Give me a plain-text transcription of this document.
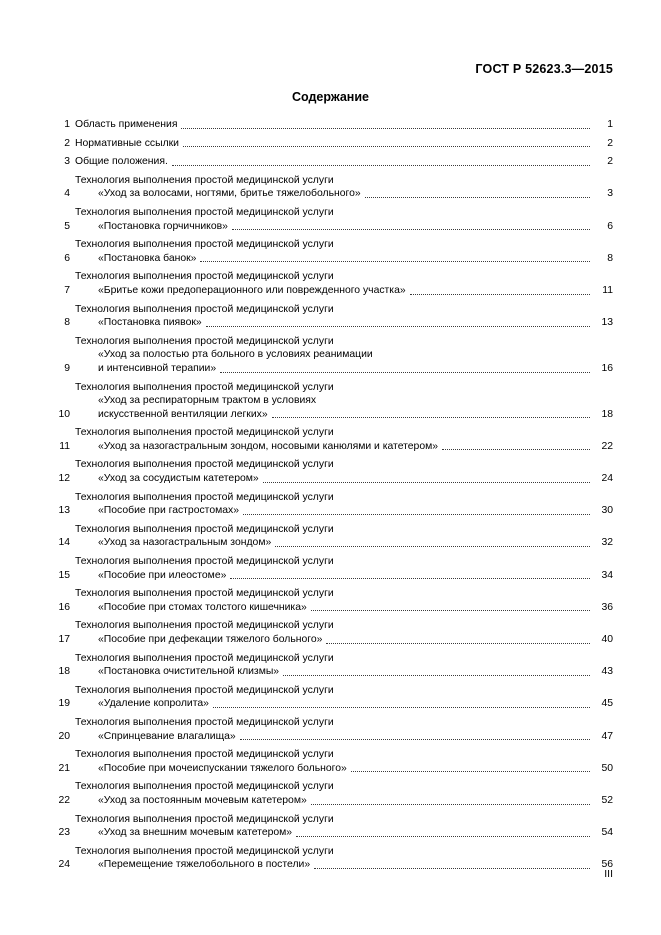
ГОСТ Р 52623.3—2015
Содержание
1 Область применения	1
2 Нормативные ссылки	2
3 Общие положения.	2
Технология выполнения простой медицинской услуги
4	«Уход за волосами, ногтями, бритье тяжелобольного»	3
Технология выполнения простой медицинской услуги
5	«Постановка горчичников»	6
Технология выполнения простой медицинской услуги
6	«Постановка банок»	8
Технология выполнения простой медицинской услуги
7	«Бритье кожи предоперационного или поврежденного участка»	11
Технология выполнения простой медицинской услуги
8	«Постановка пиявок»	13
Технология выполнения простой медицинской услуги
«Уход за полостью рта больного в условиях реанимации
9	и интенсивной терапии»	16
Технология выполнения простой медицинской услуги
«Уход за респираторным трактом в условиях
10	искусственной вентиляции легких»	18
Технология выполнения простой медицинской услуги
11	«Уход за назогастральным зондом, носовыми канюлями и катетером»	22
Технология выполнения простой медицинской услуги
12	«Уход за сосудистым катетером»	24
Технология выполнения простой медицинской услуги
13	«Пособие при гастростомах»	30
Технология выполнения простой медицинской услуги
14	«Уход за назогастральным зондом»	32
Технология выполнения простой медицинской услуги
15	«Пособие при илеостоме»	34
Технология выполнения простой медицинской услуги
16	«Пособие при стомах толстого кишечника»	36
Технология выполнения простой медицинской услуги
17	«Пособие при дефекации тяжелого больного»	40
Технология выполнения простой медицинской услуги
18	«Постановка очистительной клизмы»	43
Технология выполнения простой медицинской услуги
19	«Удаление копролита»	45
Технология выполнения простой медицинской услуги
20	«Спринцевание влагалища»	47
Технология выполнения простой медицинской услуги
21	«Пособие при мочеиспускании тяжелого больного»	50
Технология выполнения простой медицинской услуги
22	«Уход за постоянным мочевым катетером»	52
Технология выполнения простой медицинской услуги
23	«Уход за внешним мочевым катетером»	54
Технология выполнения простой медицинской услуги
24	«Перемещение тяжелобольного в постели»	56
III
